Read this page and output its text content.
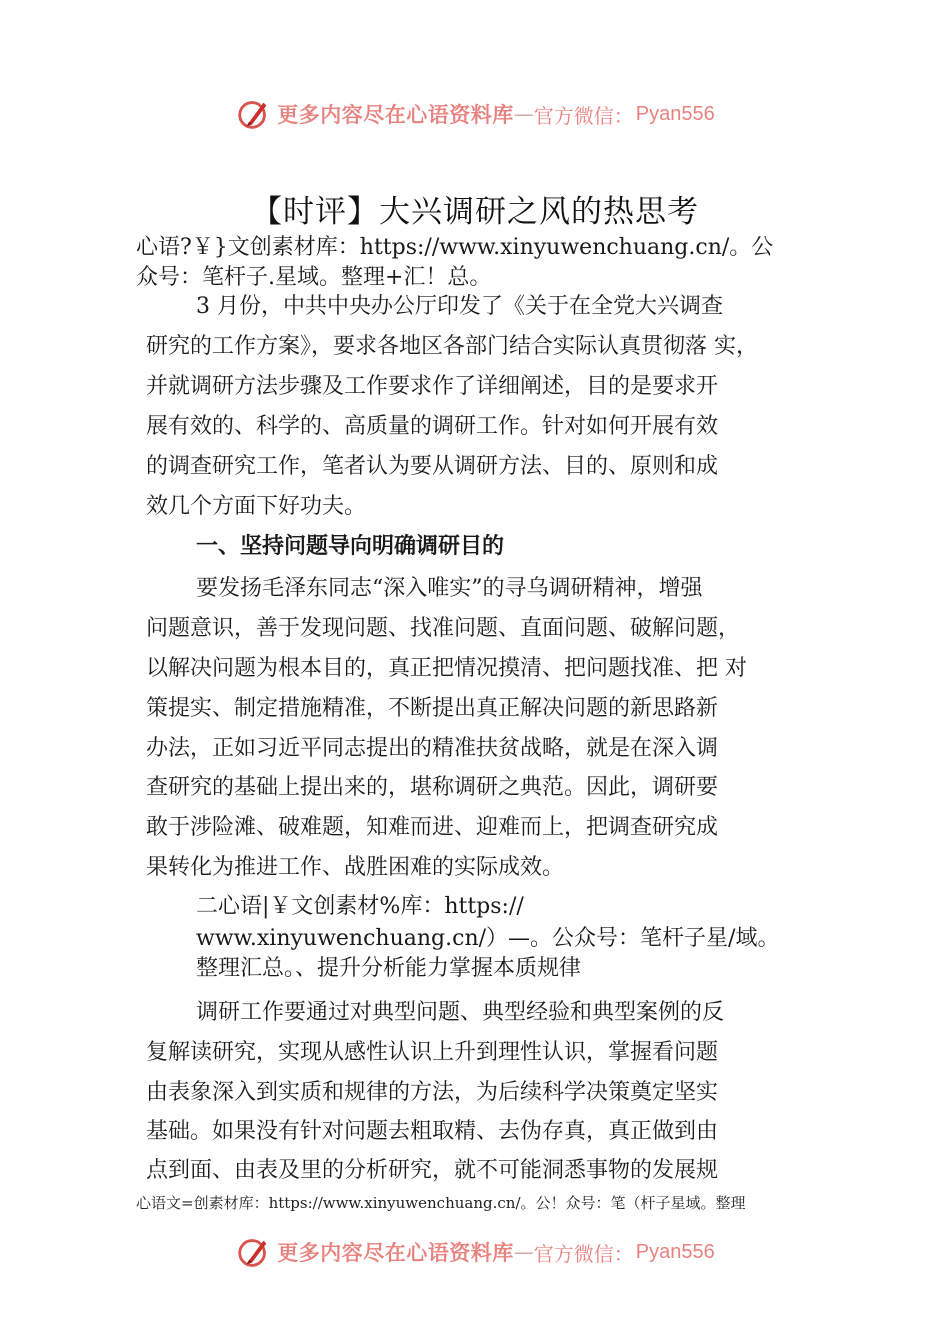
更多内容尽在心语资料库 — 官方微信： Pyan556
【时评】大兴调研之风的热思考
心语?￥}文创素材库：https://www.xinyuwenchuang.cn/。公
众号：笔杆子.星域。整理+汇！总。
3 月份，中共中央办公厅印发了《关于在全党大兴调查
研究的工作方案》，要求各地区各部门结合实际认真贯彻落 实，
并就调研方法步骤及工作要求作了详细阐述，目的是要求开
展有效的、科学的、高质量的调研工作。针对如何开展有效
的调查研究工作，笔者认为要从调研方法、目的、原则和成
效几个方面下好功夫。
一、坚持问题导向明确调研目的
要发扬毛泽东同志“深入唯实”的寻乌调研精神，增强
问题意识，善于发现问题、找准问题、直面问题、破解问题，
以解决问题为根本目的，真正把情况摸清、把问题找准、把 对
策提实、制定措施精准，不断提出真正解决问题的新思路新
办法，正如习近平同志提出的精准扶贫战略，就是在深入调
查研究的基础上提出来的，堪称调研之典范。因此，调研要
敢于涉险滩、破难题，知难而进、迎难而上，把调查研究成
果转化为推进工作、战胜困难的实际成效。
二心语|￥文创素材%库：https://
www.xinyuwenchuang.cn/）—。公众号：笔杆子星/域。
整理汇总。、提升分析能力掌握本质规律
调研工作要通过对典型问题、典型经验和典型案例的反
复解读研究，实现从感性认识上升到理性认识，掌握看问题
由表象深入到实质和规律的方法，为后续科学决策奠定坚实
基础。如果没有针对问题去粗取精、去伪存真，真正做到由
点到面、由表及里的分析研究，就不可能洞悉事物的发展规
心语文=创素材库：https://www.xinyuwenchuang.cn/。公！众号：笔（杆子星域。整理
更多内容尽在心语资料库 — 官方微信： Pyan556
